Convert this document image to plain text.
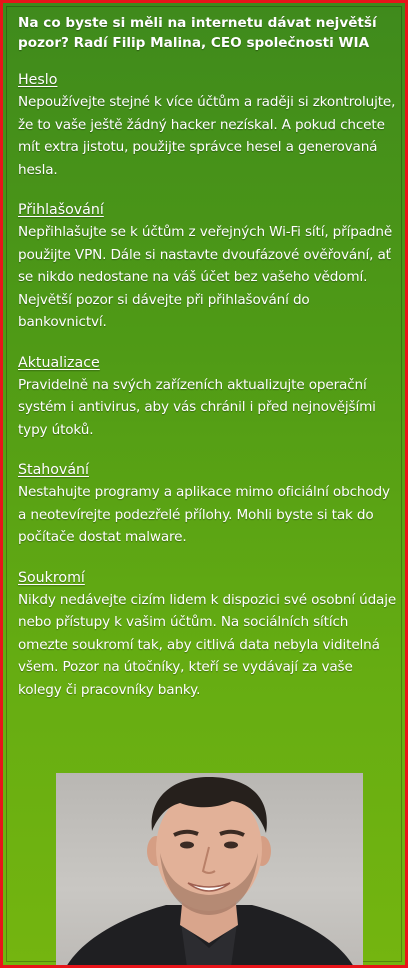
Na co byste si měli na internetu dávat největší pozor? Radí Filip Malina, CEO společnosti WIA

Heslo

Nepoužívejte stejné k více účtům a raději si zkontrolujte, že to vaše ještě žádný hacker nezískal. A pokud chcete mít extra jistotu, použijte správce hesel a generovaná hesla.

Přihlašování

Nepřihlašujte se k účtům z veřejných Wi-Fi sítí, případně použijte VPN. Dále si nastavte dvoufázové ověřování, ať se nikdo nedostane na váš účet bez vašeho vědomí. Největší pozor si dávejte při přihlašování do bankovnictví.

Aktualizace

Pravidelně na svých zařízeních aktualizujte operační systém i antivirus, aby vás chránil i před nejnovějšími typy útoků.

Stahování

Nestahujte programy a aplikace mimo oficiální obchody a neotevírejte podezřelé přílohy. Mohli byste si tak do počítače dostat malware.

Soukromí

Nikdy nedávejte cizím lidem k dispozici své osobní údaje nebo přístupy k vašim účtům. Na sociálních sítích omezte soukromí tak, aby citlivá data nebyla viditelná všem. Pozor na útočníky, kteří se vydávají za vaše kolegy či pracovníky banky.
